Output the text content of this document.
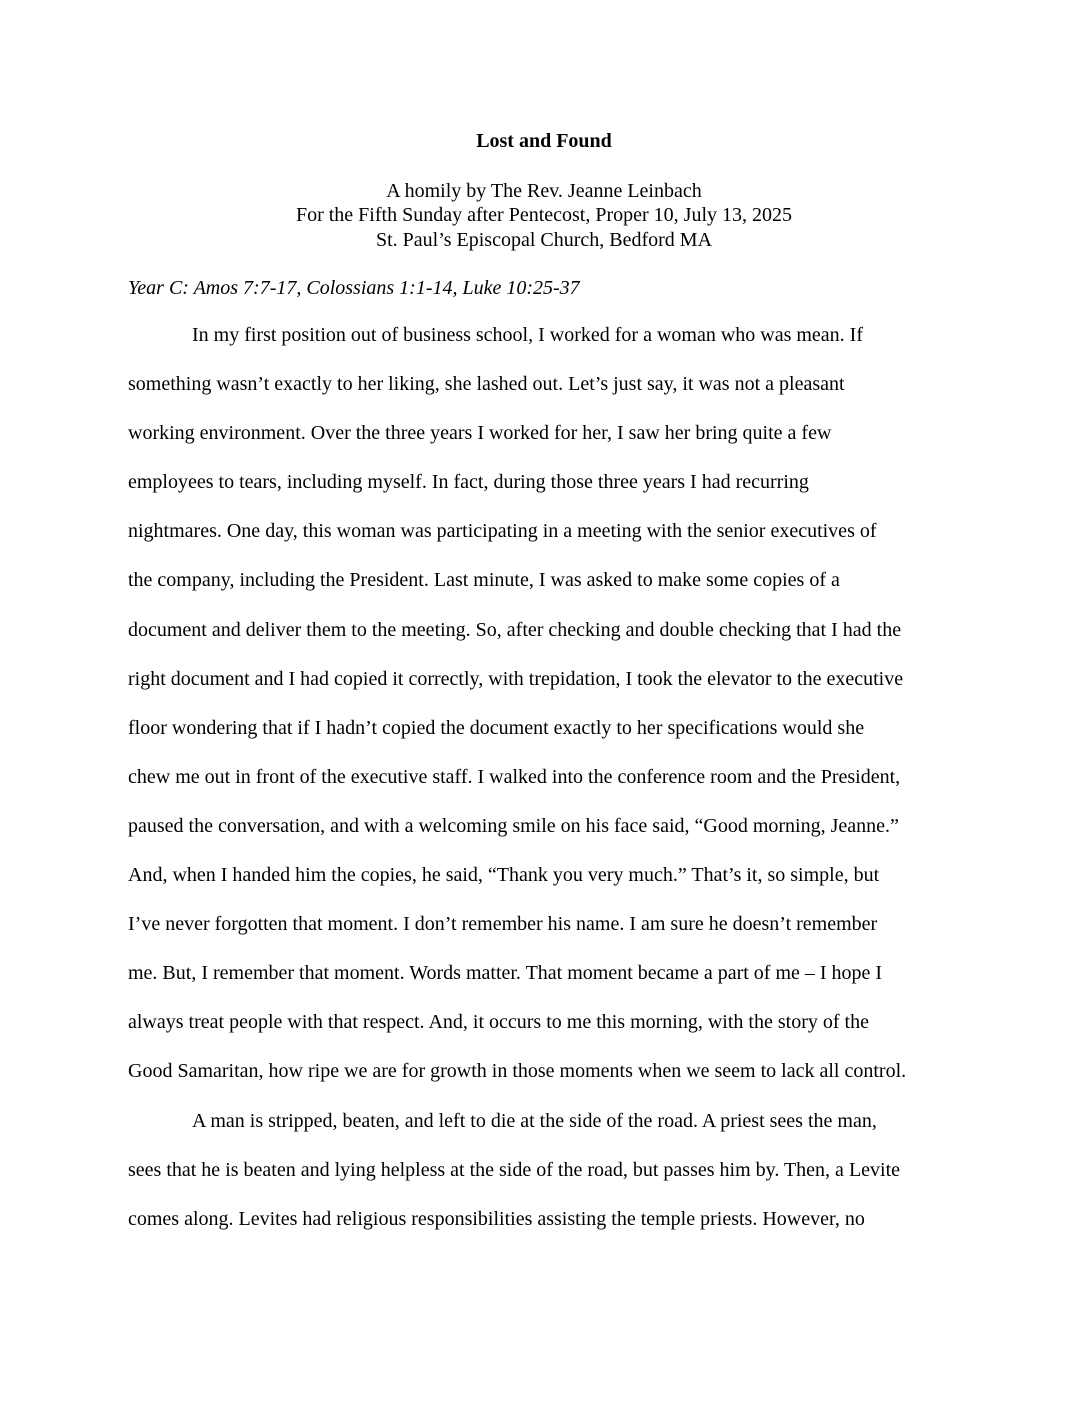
Lost and Found
A homily by The Rev. Jeanne Leinbach
For the Fifth Sunday after Pentecost, Proper 10, July 13, 2025
St. Paul’s Episcopal Church, Bedford MA
Year C: Amos 7:7-17, Colossians 1:1-14, Luke 10:25-37
In my first position out of business school, I worked for a woman who was mean. If
something wasn’t exactly to her liking, she lashed out. Let’s just say, it was not a pleasant
working environment. Over the three years I worked for her, I saw her bring quite a few
employees to tears, including myself. In fact, during those three years I had recurring
nightmares. One day, this woman was participating in a meeting with the senior executives of
the company, including the President. Last minute, I was asked to make some copies of a
document and deliver them to the meeting. So, after checking and double checking that I had the
right document and I had copied it correctly, with trepidation, I took the elevator to the executive
floor wondering that if I hadn’t copied the document exactly to her specifications would she
chew me out in front of the executive staff. I walked into the conference room and the President,
paused the conversation, and with a welcoming smile on his face said, “Good morning, Jeanne.”
And, when I handed him the copies, he said, “Thank you very much.” That’s it, so simple, but
I’ve never forgotten that moment. I don’t remember his name. I am sure he doesn’t remember
me. But, I remember that moment. Words matter. That moment became a part of me – I hope I
always treat people with that respect. And, it occurs to me this morning, with the story of the
Good Samaritan, how ripe we are for growth in those moments when we seem to lack all control.
A man is stripped, beaten, and left to die at the side of the road. A priest sees the man,
sees that he is beaten and lying helpless at the side of the road, but passes him by. Then, a Levite
comes along. Levites had religious responsibilities assisting the temple priests. However, no
